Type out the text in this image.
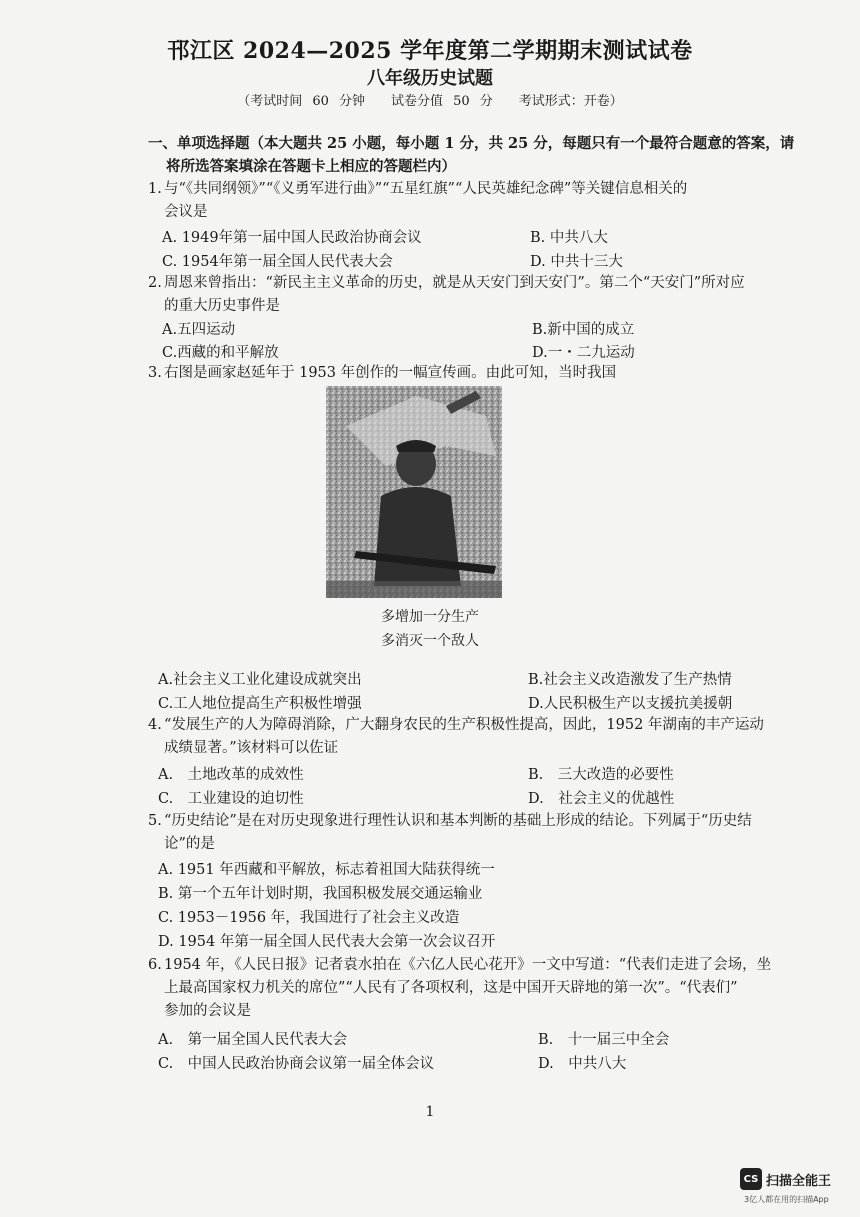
邗江区 2024—2025 学年度第二学期期末测试试卷
八年级历史试题
（考试时间 60 分钟　　试卷分值 50 分　　考试形式：开卷）
一、单项选择题（本大题共 25 小题，每小题 1 分，共 25 分，每题只有一个最符合题意的答案，请
将所选答案填涂在答题卡上相应的答题栏内）
1. 与“《共同纲领》”“《义勇军进行曲》”“五星红旗”“人民英雄纪念碑”等关键信息相关的
会议是
A. 1949年第一届中国人民政治协商会议	B. 中共八大
C. 1954年第一届全国人民代表大会	D. 中共十三大
2. 周恩来曾指出：“新民主主义革命的历史，就是从天安门到天安门”。第二个“天安门”所对应
的重大历史事件是
A.五四运动	B.新中国的成立
C.西藏的和平解放	D.一・二九运动
3. 右图是画家赵延年于 1953 年创作的一幅宣传画。由此可知，当时我国
多增加一分生产
多消灭一个敌人
A.社会主义工业化建设成就突出	B.社会主义改造激发了生产热情
C.工人地位提高生产积极性增强	D.人民积极生产以支援抗美援朝
4. “发展生产的人为障碍消除，广大翻身农民的生产积极性提高，因此，1952 年湖南的丰产运动
成绩显著。”该材料可以佐证
A.　土地改革的成效性	B.　三大改造的必要性
C.　工业建设的迫切性	D.　社会主义的优越性
5. “历史结论”是在对历史现象进行理性认识和基本判断的基础上形成的结论。下列属于“历史结
论”的是
A. 1951 年西藏和平解放，标志着祖国大陆获得统一
B. 第一个五年计划时期，我国积极发展交通运输业
C. 1953－1956 年，我国进行了社会主义改造
D. 1954 年第一届全国人民代表大会第一次会议召开
6. 1954 年，《人民日报》记者袁水拍在《六亿人民心花开》一文中写道：“代表们走进了会场，坐
上最高国家权力机关的席位”“人民有了各项权利，这是中国开天辟地的第一次”。“代表们”
参加的会议是
A.　第一届全国人民代表大会	B.　十一届三中全会
C.　中国人民政治协商会议第一届全体会议	D.　中共八大
1
CS 扫描全能王
3亿人都在用的扫描App
